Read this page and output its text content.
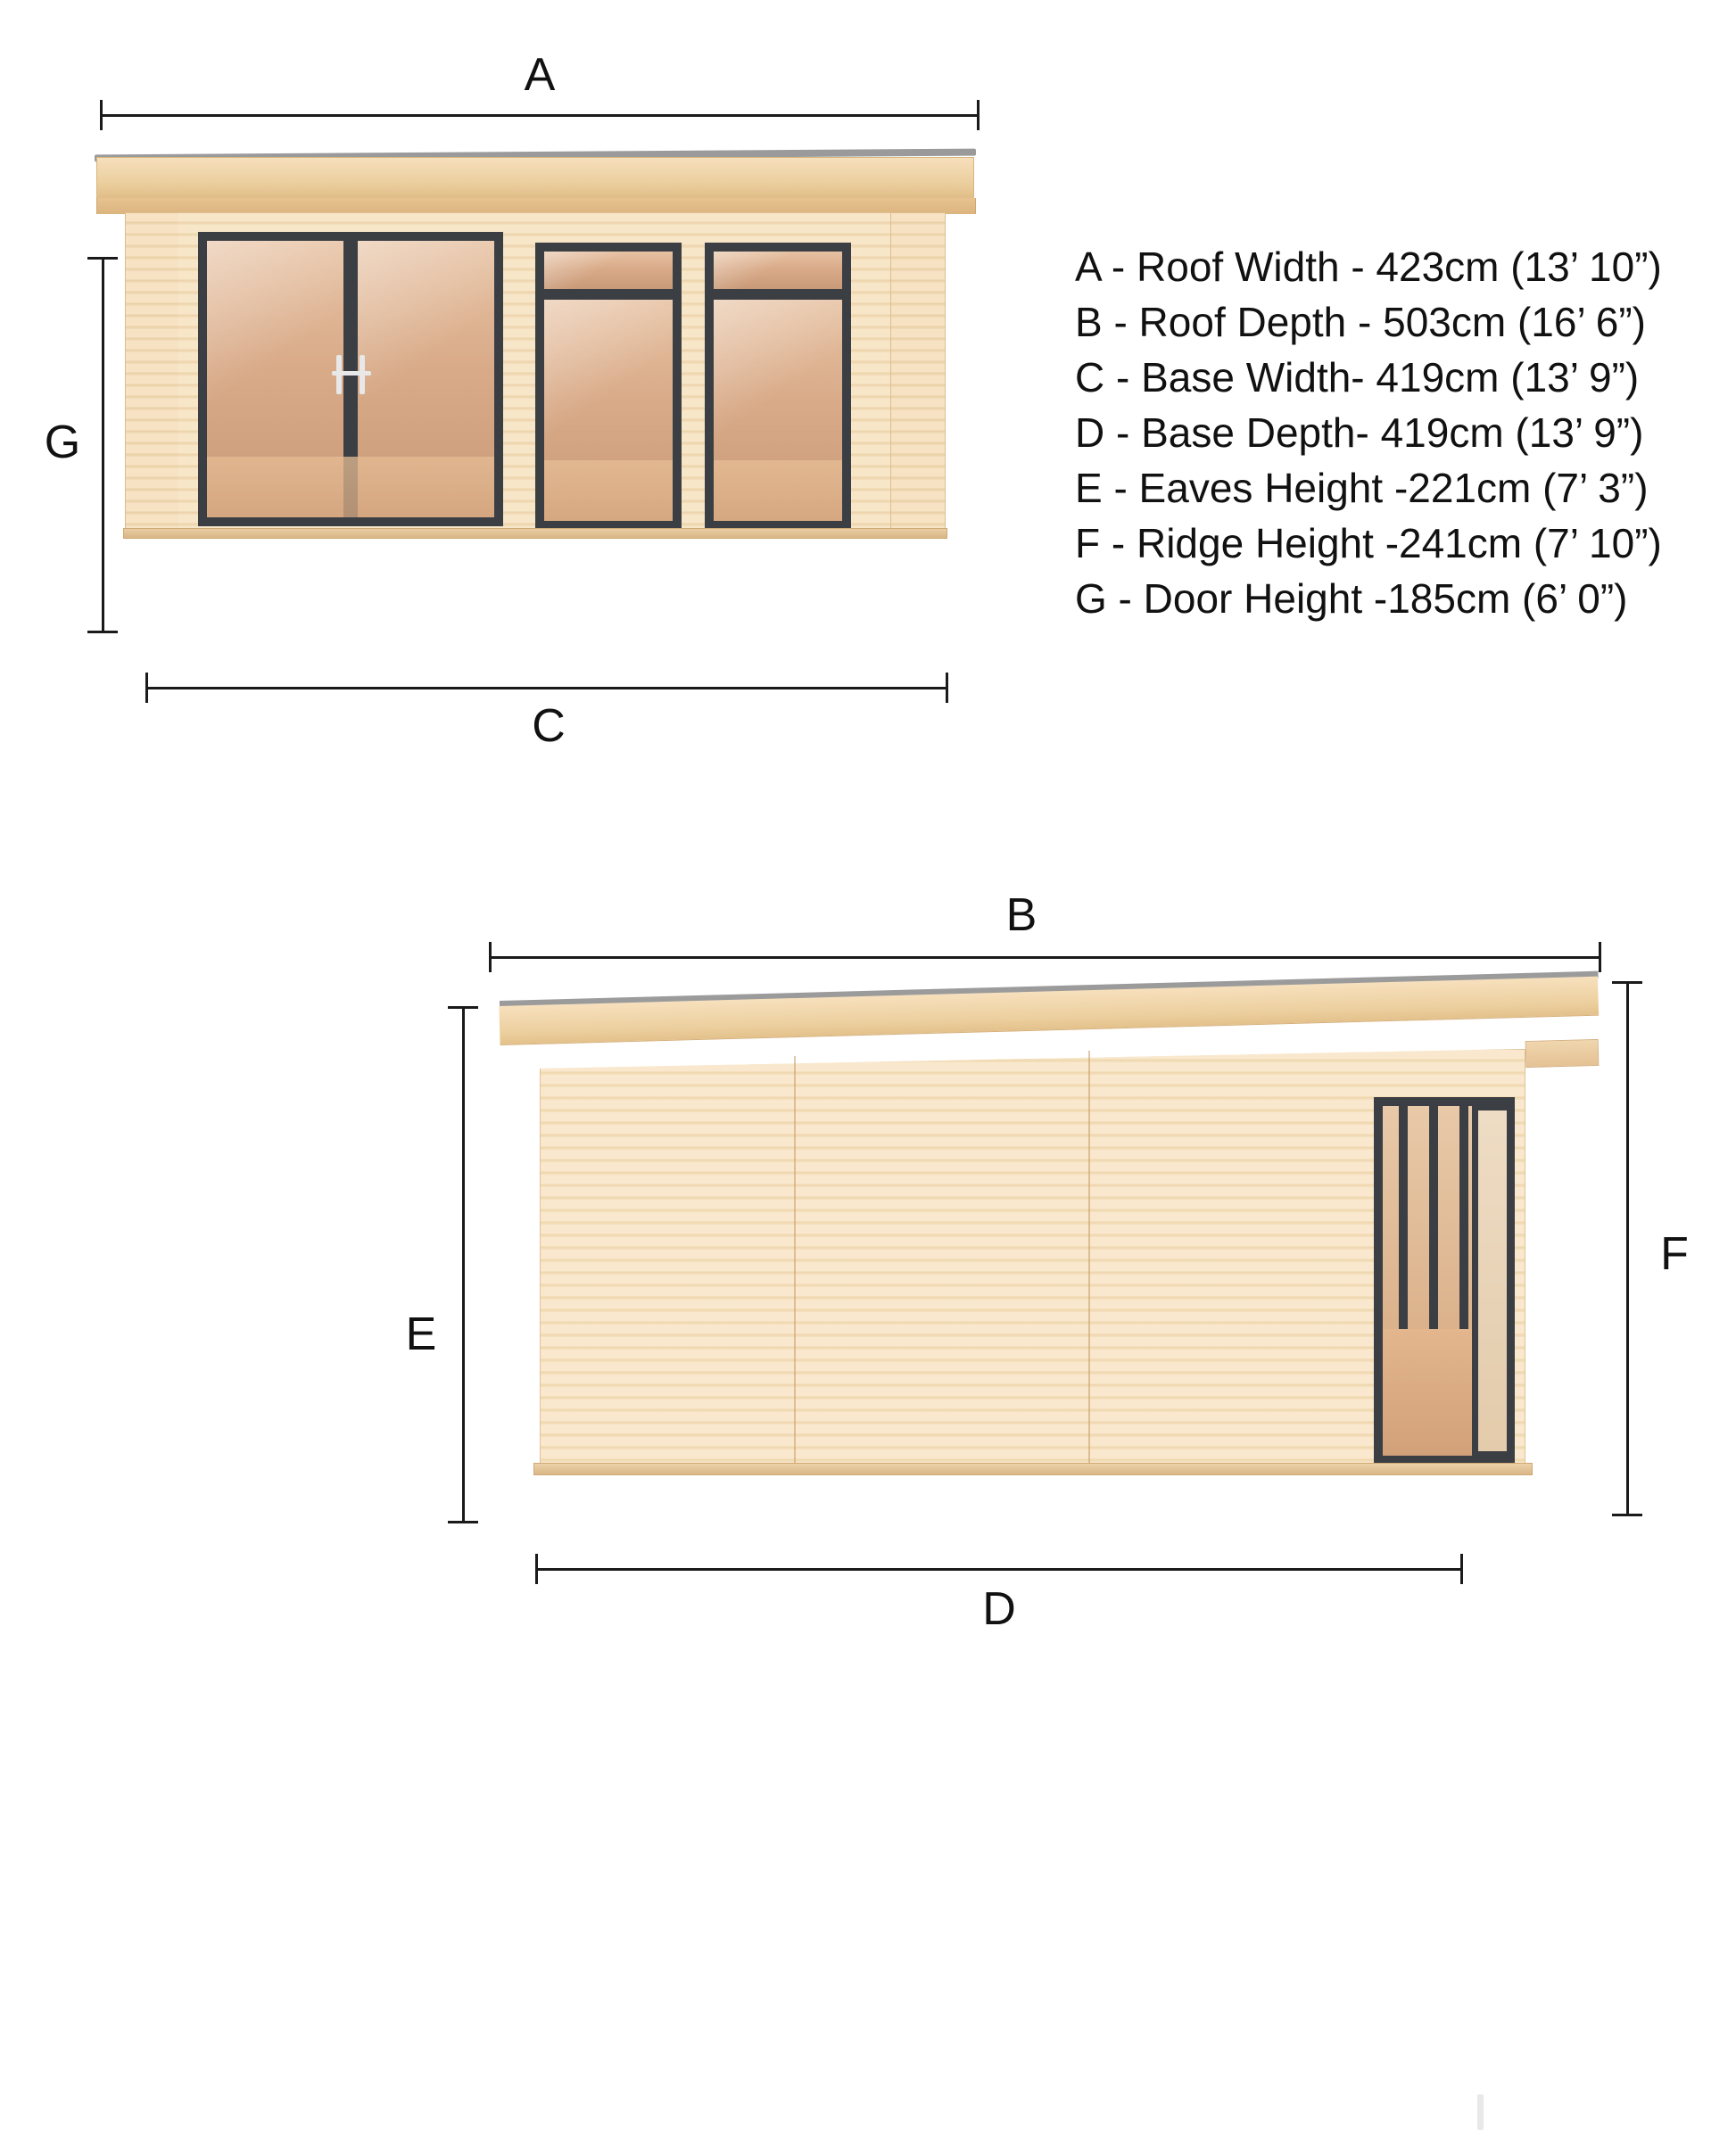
A
G
C
A - Roof Width - 423cm (13’ 10”)
B - Roof Depth - 503cm (16’ 6”)
C - Base Width- 419cm (13’ 9”)
D - Base Depth- 419cm (13’ 9”)
E - Eaves Height -221cm (7’ 3”)
F - Ridge Height -241cm (7’ 10”)
G - Door Height -185cm (6’ 0”)
B
E
F
D
